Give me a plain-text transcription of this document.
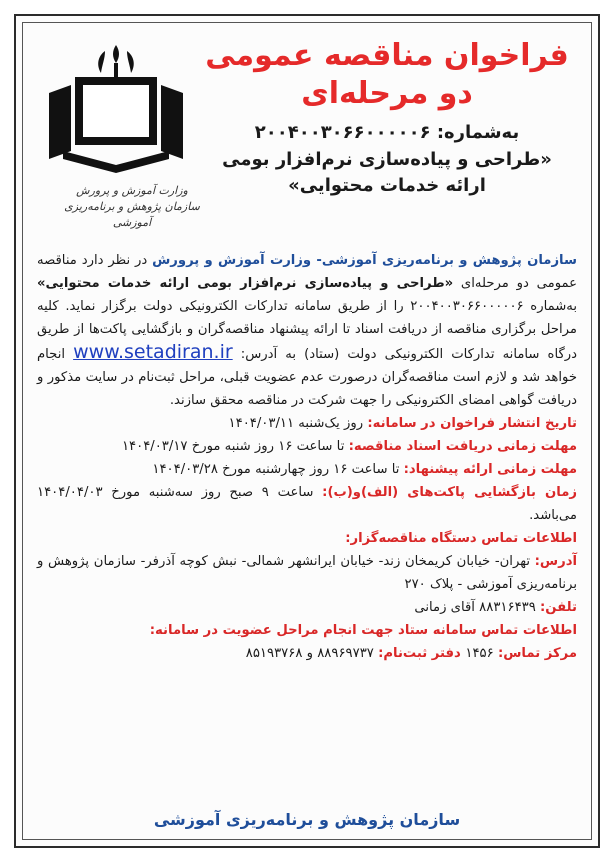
وزارت آموزش و پرورش
سازمان پژوهش و برنامه‌ریزی آموزشی
فراخوان مناقصه عمومی
دو مرحله‌ای
به‌شماره: ۲۰۰۴۰۰۳۰۶۶۰۰۰۰۰۶
«طراحی و پیاده‌سازی نرم‌افزار بومی
ارائه خدمات محتوایی»
سازمان پژوهش و برنامه‌ریزی آموزشی- وزارت آموزش و پرورش در نظر دارد مناقصه عمومی دو مرحله‌ای «طراحی و پیاده‌سازی نرم‌افزار بومی ارائه خدمات محتوایی» به‌شماره ۲۰۰۴۰۰۳۰۶۶۰۰۰۰۰۶ را از طریق سامانه تدارکات الکترونیکی دولت برگزار نماید. کلیه مراحل برگزاری مناقصه از دریافت اسناد تا ارائه پیشنهاد مناقصه‌گران و بازگشایی پاکت‌ها از طریق درگاه سامانه تدارکات الکترونیکی دولت (ستاد) به آدرس: www.setadiran.ir انجام خواهد شد و لازم است مناقصه‌گران درصورت عدم عضویت قبلی، مراحل ثبت‌نام در سایت مذکور و دریافت گواهی امضای الکترونیکی را جهت شرکت در مناقصه محقق سازند.
تاریخ انتشار فراخوان در سامانه: روز یک‌شنبه ۱۴۰۴/۰۳/۱۱
مهلت زمانی دریافت اسناد مناقصه: تا ساعت ۱۶ روز شنبه مورخ ۱۴۰۴/۰۳/۱۷
مهلت زمانی ارائه پیشنهاد: تا ساعت ۱۶ روز چهارشنبه مورخ ۱۴۰۴/۰۳/۲۸
زمان بازگشایی پاکت‌های (الف)و(ب): ساعت ۹ صبح روز سه‌شنبه مورخ ۱۴۰۴/۰۴/۰۳ می‌باشد.
اطلاعات تماس دستگاه مناقصه‌گزار:
آدرس: تهران- خیابان کریمخان زند- خیابان ایرانشهر شمالی- نبش کوچه آذرفر- سازمان پژوهش و برنامه‌ریزی آموزشی - پلاک ۲۷۰
تلفن: ۸۸۳۱۶۴۳۹ آقای زمانی
اطلاعات تماس سامانه ستاد جهت انجام مراحل عضویت در سامانه:
مرکز تماس: ۱۴۵۶ دفتر ثبت‌نام: ۸۸۹۶۹۷۳۷ و ۸۵۱۹۳۷۶۸
سازمان پژوهش و برنامه‌ریزی آموزشی
